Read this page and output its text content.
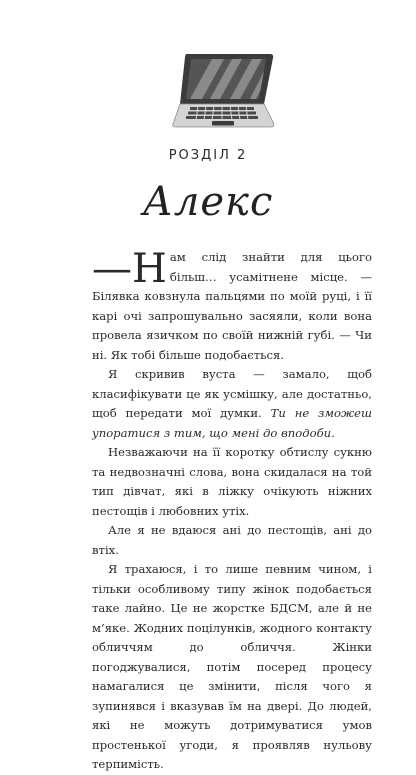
РОЗДІЛ 2
Алекс

—Н ам слід знайти для цього більш… усамітнене місце. — Білявка ковзнула пальцями по моїй руці, і її карі очі запрошувально засяяли, коли вона провела язичком по своїй нижній губі. — Чи ні. Як тобі більше подобається.

Я скривив вуста — замало, щоб класифікувати це як усмішку, але достатньо, щоб передати мої думки. Ти не зможеш упоратися з тим, що мені до вподоби.

Незважаючи на її коротку обтислу сукню та недвозначні слова, вона скидалася на той тип дівчат, які в ліжку очікують ніжних пестощів і любовних утіх.

Але я не вдаюся ані до пестощів, ані до втіх.

Я трахаюся, і то лише певним чином, і тільки особливому типу жінок подобається таке лайно. Це не жорстке БДСМ, але й не м’яке. Жодних поцілунків, жодного контакту обличчям до обличчя. Жінки погоджувалися, потім посеред процесу намагалися це змінити, після чого я зупинявся і вказував їм на двері. До людей, які не можуть дотримуватися умов простенької угоди, я проявляв нульову терпимість.
